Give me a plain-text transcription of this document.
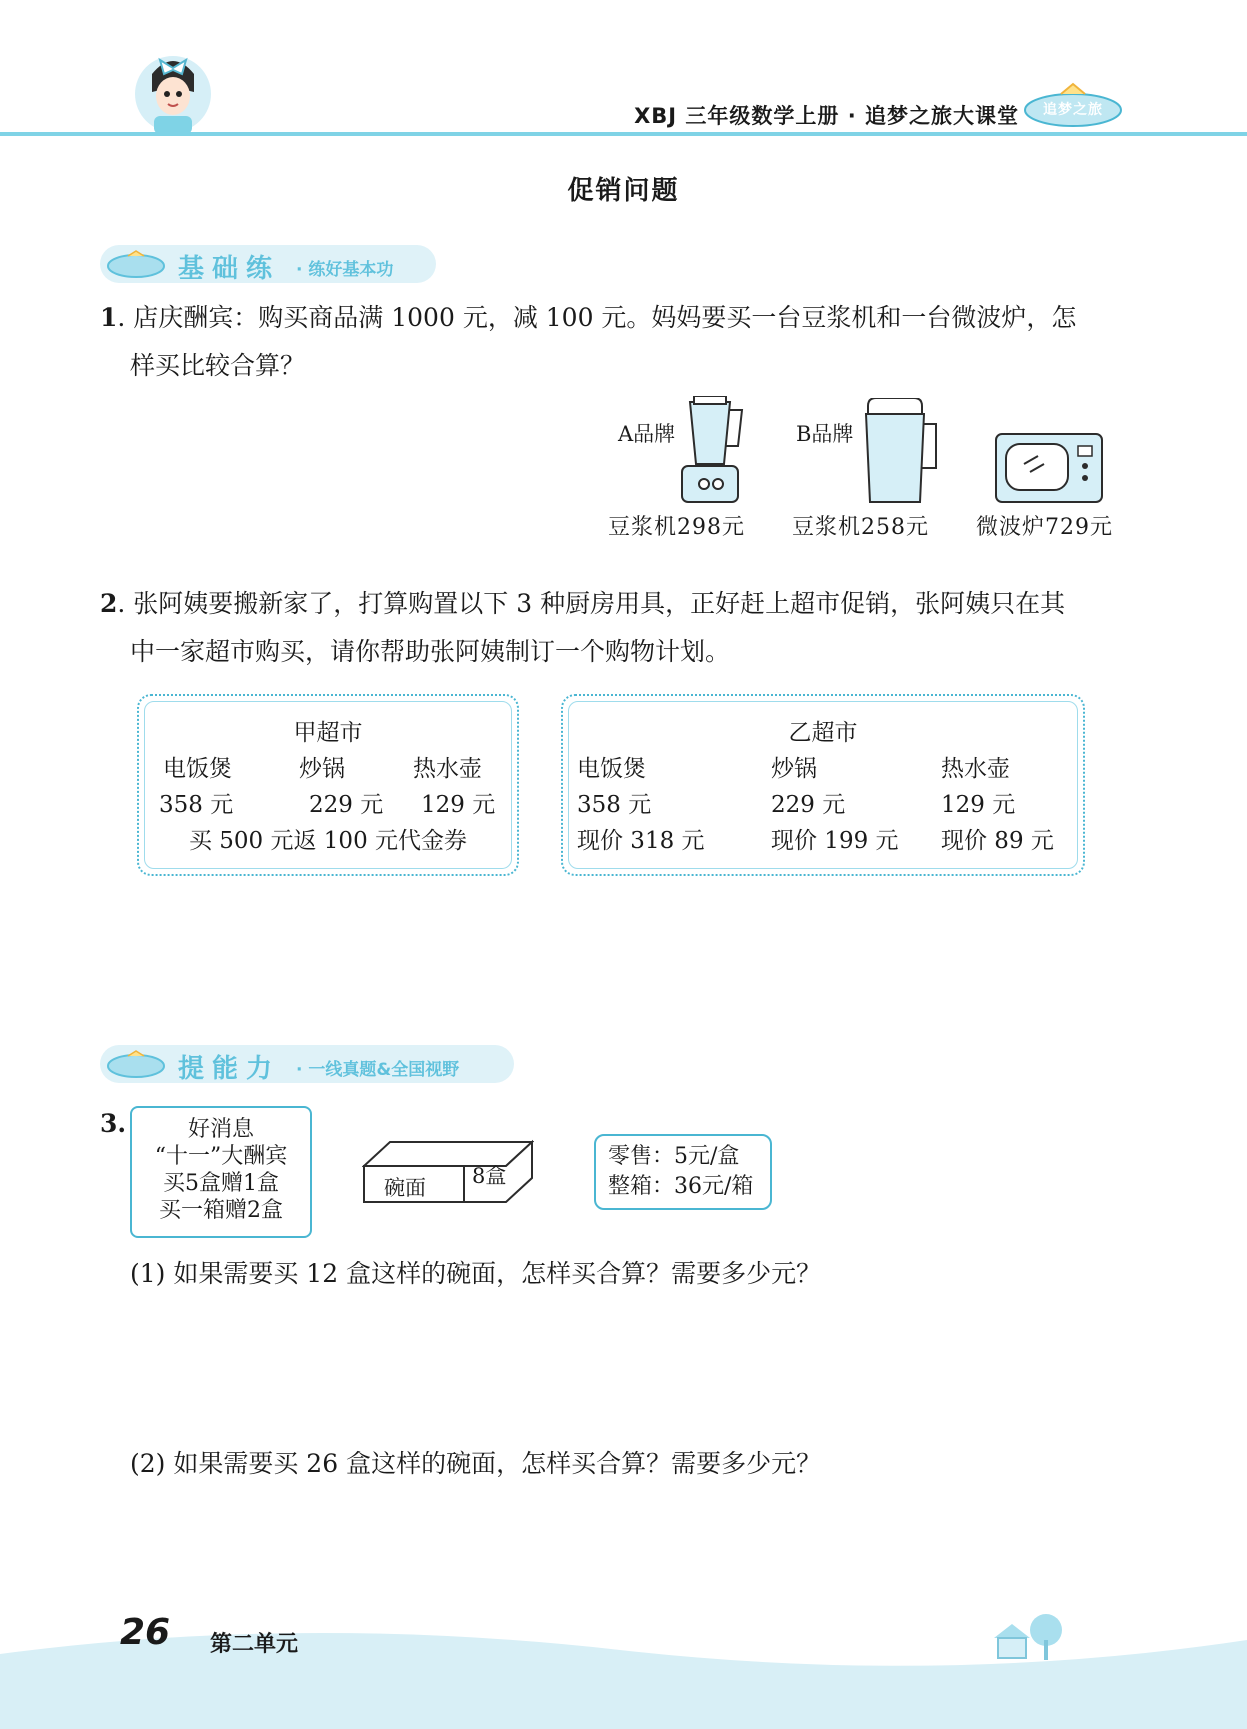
XBJ 三年级数学上册 · 追梦之旅大课堂 追梦之旅
促销问题
基础练 · 练好基本功
1. 店庆酬宾：购买商品满 1000 元，减 100 元。妈妈要买一台豆浆机和一台微波炉，怎
样买比较合算？
A品牌
豆浆机298元
B品牌
豆浆机258元 微波炉729元
2. 张阿姨要搬新家了，打算购置以下 3 种厨房用具，正好赶上超市促销，张阿姨只在其
中一家超市购买，请你帮助张阿姨制订一个购物计划。
甲超市
电饭煲	炒锅	热水壶
358 元	229 元 129 元
买 500 元返 100 元代金券
乙超市
电饭煲	炒锅	热水壶
358 元	229 元	129 元
现价 318 元	现价 199 元 现价 89 元
提能力 · 一线真题&全国视野
3.	好消息
“十一”大酬宾
买5盒赠1盒
买一箱赠2盒
碗面 8盒
零售：5元/盒
整箱：36元/箱
(1) 如果需要买 12 盒这样的碗面，怎样买合算？需要多少元？
(2) 如果需要买 26 盒这样的碗面，怎样买合算？需要多少元？
26 第二单元
